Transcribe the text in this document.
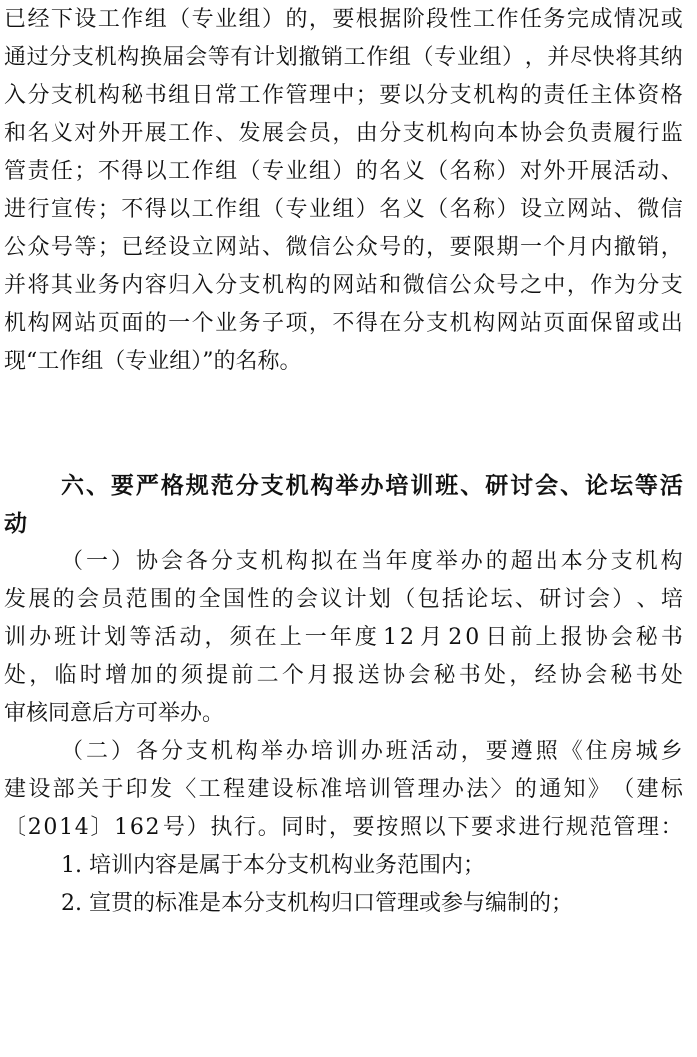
已 经 下 设 工 作 组 （ 专 业 组 ） 的 ， 要 根 据 阶 段 性 工 作 任 务 完 成 情 况 或
通 过 分 支 机 构 换 届 会 等 有 计 划 撤 销 工 作 组 （ 专 业 组 ） ， 并 尽 快 将 其 纳
入 分 支 机 构 秘 书 组 日 常 工 作 管 理 中 ； 要 以 分 支 机 构 的 责 任 主 体 资 格
和 名 义 对 外 开 展 工 作 、 发 展 会 员 ， 由 分 支 机 构 向 本 协 会 负 责 履 行 监
管 责 任 ； 不 得 以 工 作 组 （ 专 业 组 ） 的 名 义 （ 名 称 ） 对 外 开 展 活 动 、
进 行 宣 传 ； 不 得 以 工 作 组 （ 专 业 组 ） 名 义 （ 名 称 ） 设 立 网 站 、 微 信
公 众 号 等 ； 已 经 设 立 网 站 、 微 信 公 众 号 的 ， 要 限 期 一 个 月 内 撤 销 ，
并 将 其 业 务 内 容 归 入 分 支 机 构 的 网 站 和 微 信 公 众 号 之 中 ， 作 为 分 支
机 构 网 站 页 面 的 一 个 业 务 子 项 ， 不 得 在 分 支 机 构 网 站 页 面 保 留 或 出
现“工作组（专业组）”的名称。
六 、 要 严 格 规 范 分 支 机 构 举 办 培 训 班 、 研 讨 会 、 论 坛 等 活
动
（ 一 ） 协 会 各 分 支 机 构 拟 在 当 年 度 举 办 的 超 出 本 分 支 机 构
发 展 的 会 员 范 围 的 全 国 性 的 会 议 计 划 （ 包 括 论 坛 、 研 讨 会 ） 、 培
训 办 班 计 划 等 活 动 ， 须 在 上 一 年 度 1 2 月 2 0 日 前 上 报 协 会 秘 书
处 ， 临 时 增 加 的 须 提 前 二 个 月 报 送 协 会 秘 书 处 ， 经 协 会 秘 书 处
审核同意后方可举办。
（ 二 ） 各 分 支 机 构 举 办 培 训 办 班 活 动 ， 要 遵 照 《 住 房 城 乡
建 设 部 关 于 印 发 〈 工 程 建 设 标 准 培 训 管 理 办 法 〉 的 通 知 》 （ 建 标
〔 2 0 1 4 〕 1 6 2 号 ） 执 行 。 同 时 ， 要 按 照 以 下 要 求 进 行 规 范 管 理 ：
1. 培训内容是属于本分支机构业务范围内；
2. 宣贯的标准是本分支机构归口管理或参与编制的；
